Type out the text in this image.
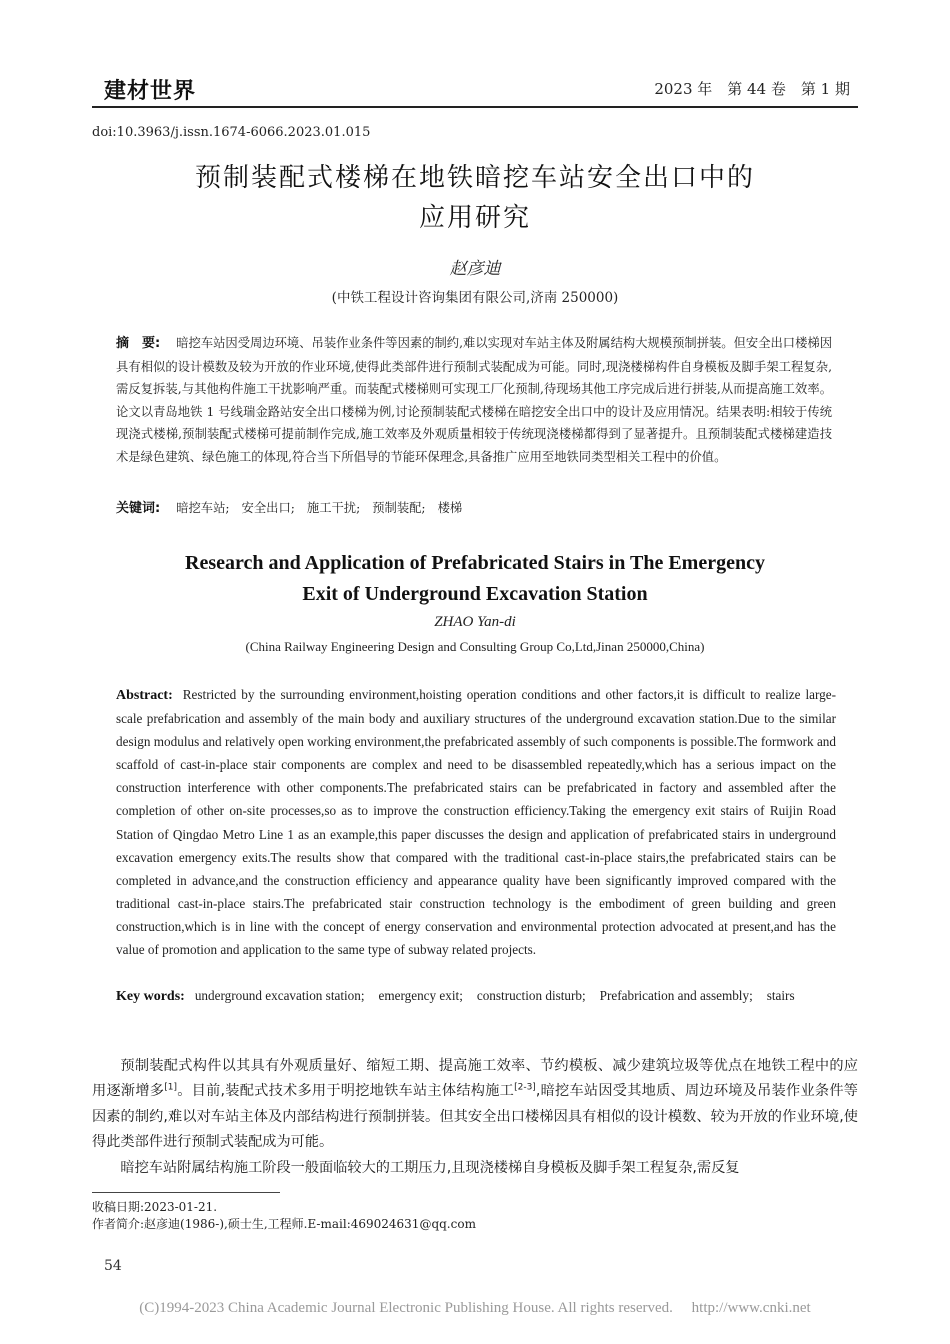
建材世界	2023 年　第 44 卷　第 1 期
doi:10.3963/j.issn.1674-6066.2023.01.015
预制装配式楼梯在地铁暗挖车站安全出口中的
应用研究
赵彦迪
(中铁工程设计咨询集团有限公司,济南 250000)
摘　要: 暗挖车站因受周边环境、吊装作业条件等因素的制约,难以实现对车站主体及附属结构大规模预制拼装。但安全出口楼梯因具有相似的设计模数及较为开放的作业环境,使得此类部件进行预制式装配成为可能。同时,现浇楼梯构件自身模板及脚手架工程复杂,需反复拆装,与其他构件施工干扰影响严重。而装配式楼梯则可实现工厂化预制,待现场其他工序完成后进行拼装,从而提高施工效率。论文以青岛地铁 1 号线瑞金路站安全出口楼梯为例,讨论预制装配式楼梯在暗挖安全出口中的设计及应用情况。结果表明:相较于传统现浇式楼梯,预制装配式楼梯可提前制作完成,施工效率及外观质量相较于传统现浇楼梯都得到了显著提升。且预制装配式楼梯建造技术是绿色建筑、绿色施工的体现,符合当下所倡导的节能环保理念,具备推广应用至地铁同类型相关工程中的价值。
关键词: 暗挖车站; 安全出口; 施工干扰; 预制装配; 楼梯
Research and Application of Prefabricated Stairs in The Emergency
Exit of Underground Excavation Station
ZHAO Yan-di
(China Railway Engineering Design and Consulting Group Co,Ltd,Jinan 250000,China)
Abstract: Restricted by the surrounding environment,hoisting operation conditions and other factors,it is difficult to realize large-scale prefabrication and assembly of the main body and auxiliary structures of the underground excavation station.Due to the similar design modulus and relatively open working environment,the prefabricated assembly of such components is possible.The formwork and scaffold of cast-in-place stair components are complex and need to be disassembled repeatedly,which has a serious impact on the construction interference with other components.The prefabricated stairs can be prefabricated in factory and assembled after the completion of other on-site processes,so as to improve the construction efficiency.Taking the emergency exit stairs of Ruijin Road Station of Qingdao Metro Line 1 as an example,this paper discusses the design and application of prefabricated stairs in underground excavation emergency exits.The results show that compared with the traditional cast-in-place stairs,the prefabricated stairs can be completed in advance,and the construction efficiency and appearance quality have been significantly improved compared with the traditional cast-in-place stairs.The prefabricated stair construction technology is the embodiment of green building and green construction,which is in line with the concept of energy conservation and environmental protection advocated at present,and has the value of promotion and application to the same type of subway related projects.
Key words: underground excavation station; emergency exit; construction disturb; Prefabrication and assembly; stairs

预制装配式构件以其具有外观质量好、缩短工期、提高施工效率、节约模板、减少建筑垃圾等优点在地铁工程中的应用逐渐增多[1]。目前,装配式技术多用于明挖地铁车站主体结构施工[2-3],暗挖车站因受其地质、周边环境及吊装作业条件等因素的制约,难以对车站主体及内部结构进行预制拼装。但其安全出口楼梯因具有相似的设计模数、较为开放的作业环境,使得此类部件进行预制式装配成为可能。

暗挖车站附属结构施工阶段一般面临较大的工期压力,且现浇楼梯自身模板及脚手架工程复杂,需反复

收稿日期:2023-01-21.
作者简介:赵彦迪(1986-),硕士生,工程师.E-mail:469024631@qq.com
54
(C)1994-2023 China Academic Journal Electronic Publishing House. All rights reserved.　 http://www.cnki.net
